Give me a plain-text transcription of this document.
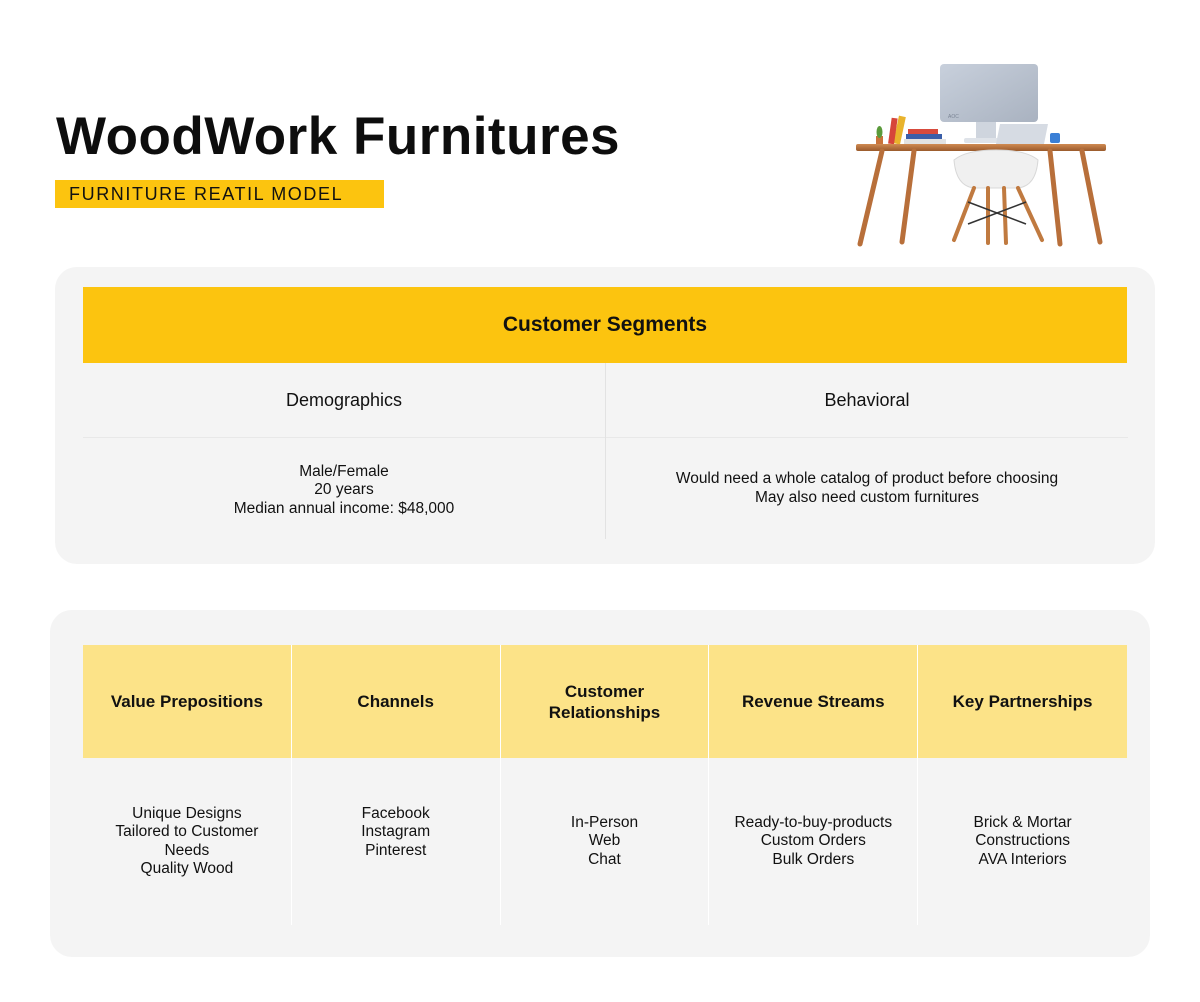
WoodWork Furnitures
FURNITURE REATIL MODEL
AOC
Customer Segments
Demographics
Male/Female
20 years
Median annual income: $48,000
Behavioral
Would need a whole catalog of product before choosing
May also need custom furnitures
Value Prepositions
Unique Designs
Tailored to Customer
Needs
Quality Wood
Channels
Facebook
Instagram
Pinterest
Customer Relationships
In-Person
Web
Chat
Revenue Streams
Ready-to-buy-products
Custom Orders
Bulk Orders
Key Partnerships
Brick & Mortar
Constructions
AVA Interiors
